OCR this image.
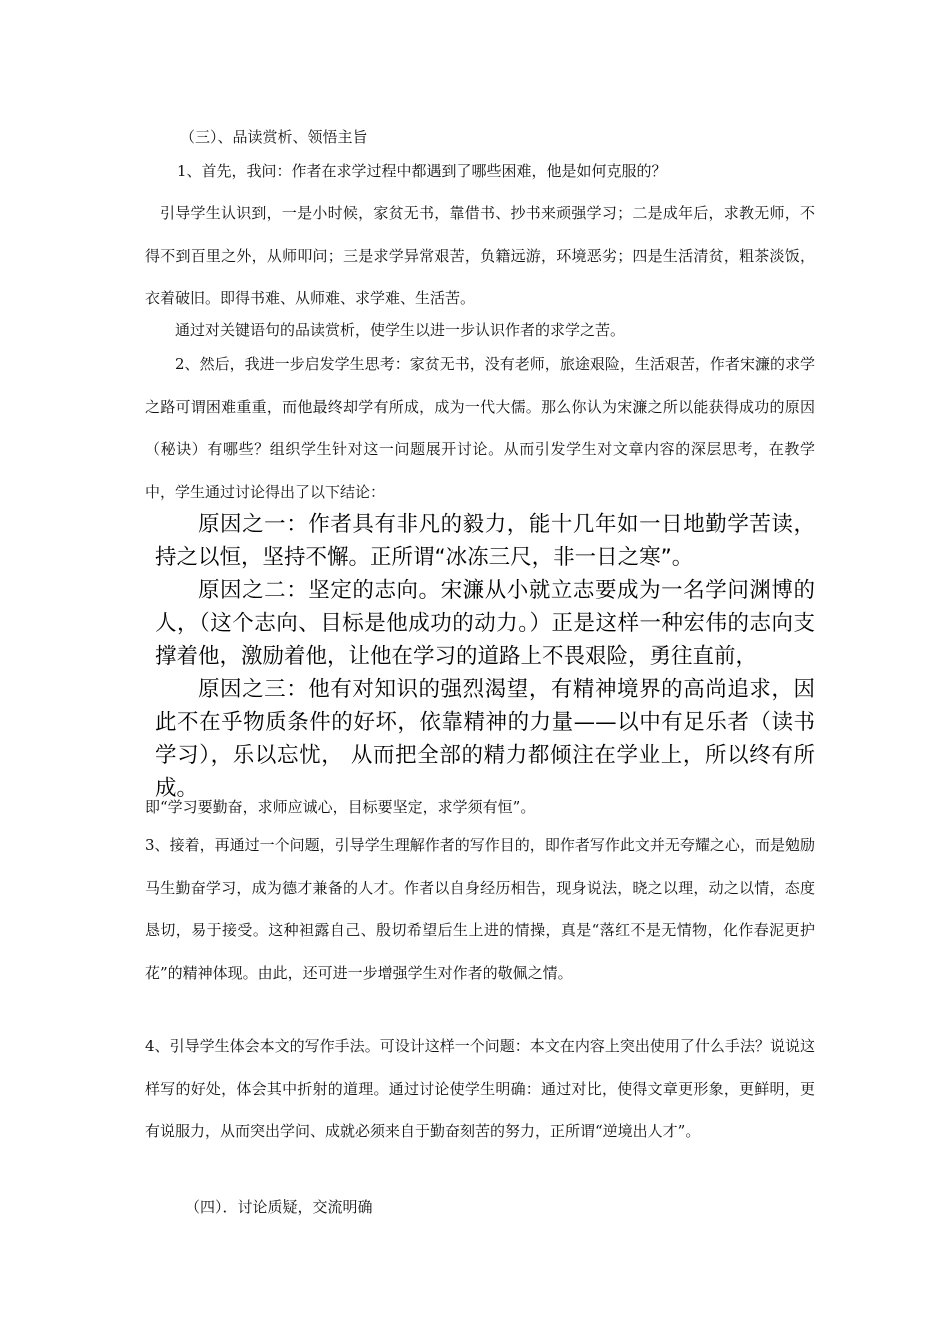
（三）、品读赏析、领悟主旨

1、首先，我问：作者在求学过程中都遇到了哪些困难，他是如何克服的？

引导学生认识到，一是小时候，家贫无书，靠借书、抄书来顽强学习；二是成年后，求教无师，不得不到百里之外，从师叩问；三是求学异常艰苦，负籍远游，环境恶劣；四是生活清贫，粗茶淡饭，衣着破旧。即得书难、从师难、求学难、生活苦。

通过对关键语句的品读赏析，使学生以进一步认识作者的求学之苦。

2、然后，我进一步启发学生思考：家贫无书，没有老师，旅途艰险，生活艰苦，作者宋濂的求学之路可谓困难重重，而他最终却学有所成，成为一代大儒。那么你认为宋濂之所以能获得成功的原因（秘诀）有哪些？组织学生针对这一问题展开讨论。从而引发学生对文章内容的深层思考，在教学中，学生通过讨论得出了以下结论：

原因之一：作者具有非凡的毅力，能十几年如一日地勤学苦读，持之以恒，坚持不懈。正所谓“冰冻三尺，非一日之寒”。

原因之二：坚定的志向。宋濂从小就立志要成为一名学问渊博的人，（这个志向、目标是他成功的动力。）正是这样一种宏伟的志向支撑着他，激励着他，让他在学习的道路上不畏艰险，勇往直前，

原因之三：他有对知识的强烈渴望，有精神境界的高尚追求，因此不在乎物质条件的好坏，依靠精神的力量——以中有足乐者（读书学习），乐以忘忧， 从而把全部的精力都倾注在学业上，所以终有所成。

即“学习要勤奋，求师应诚心，目标要坚定，求学须有恒”。

3、接着，再通过一个问题，引导学生理解作者的写作目的，即作者写作此文并无夸耀之心，而是勉励马生勤奋学习，成为德才兼备的人才。作者以自身经历相告，现身说法，晓之以理，动之以情，态度恳切，易于接受。这种袒露自己、殷切希望后生上进的情操，真是“落红不是无情物，化作春泥更护花”的精神体现。由此，还可进一步增强学生对作者的敬佩之情。

4、引导学生体会本文的写作手法。可设计这样一个问题：本文在内容上突出使用了什么手法？说说这样写的好处，体会其中折射的道理。通过讨论使学生明确：通过对比，使得文章更形象，更鲜明，更有说服力，从而突出学问、成就必须来自于勤奋刻苦的努力，正所谓“逆境出人才”。

（四）．讨论质疑，交流明确
